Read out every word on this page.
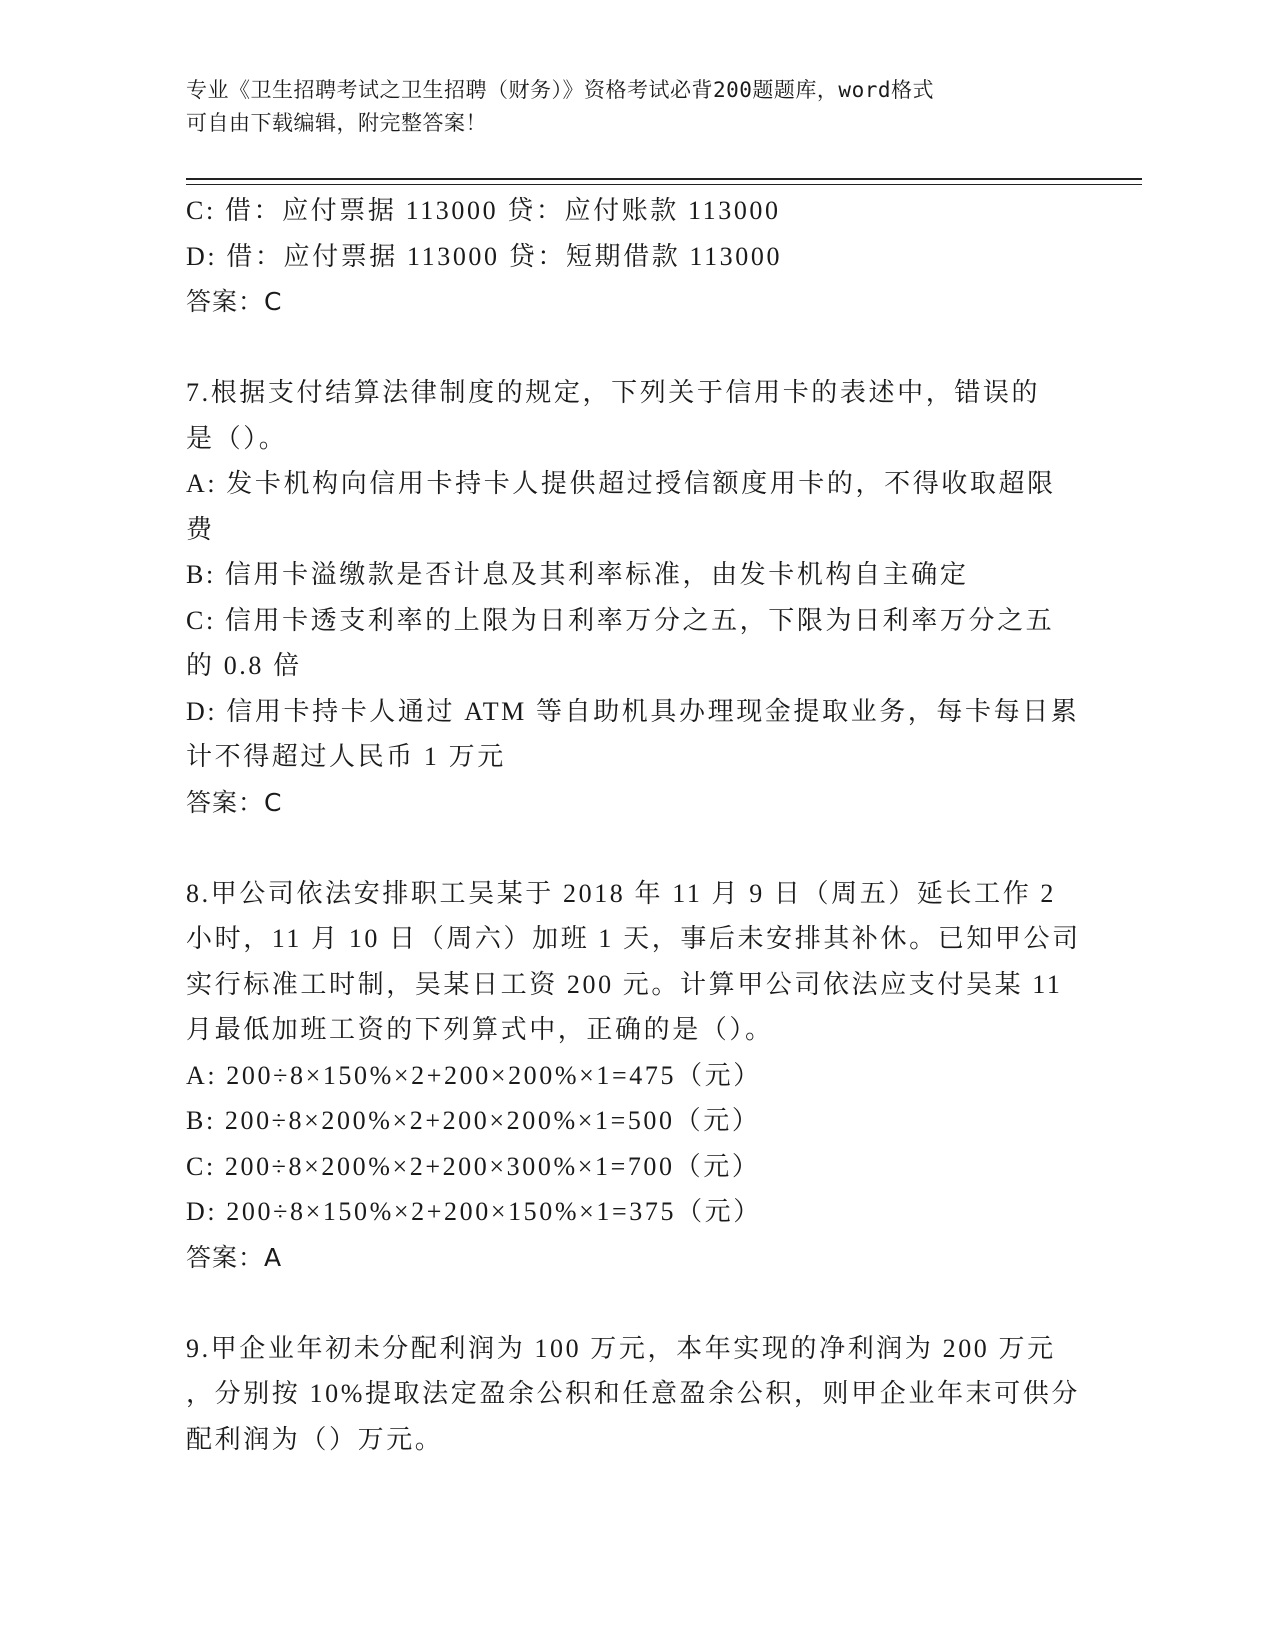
专业《卫生招聘考试之卫生招聘（财务）》资格考试必背200题题库，word格式
可自由下载编辑，附完整答案！
C: 借：应付票据 113000 贷：应付账款 113000
D: 借：应付票据 113000 贷：短期借款 113000
答案：C
7.根据支付结算法律制度的规定，下列关于信用卡的表述中，错误的
是（）。
A: 发卡机构向信用卡持卡人提供超过授信额度用卡的，不得收取超限
费
B: 信用卡溢缴款是否计息及其利率标准，由发卡机构自主确定
C: 信用卡透支利率的上限为日利率万分之五，下限为日利率万分之五
的 0.8 倍
D: 信用卡持卡人通过 ATM 等自助机具办理现金提取业务，每卡每日累
计不得超过人民币 1 万元
答案：C
8.甲公司依法安排职工吴某于 2018 年 11 月 9 日（周五）延长工作 2
小时，11 月 10 日（周六）加班 1 天，事后未安排其补休。已知甲公司
实行标准工时制，吴某日工资 200 元。计算甲公司依法应支付吴某 11
月最低加班工资的下列算式中，正确的是（）。
A: 200÷8×150%×2+200×200%×1=475（元）
B: 200÷8×200%×2+200×200%×1=500（元）
C: 200÷8×200%×2+200×300%×1=700（元）
D: 200÷8×150%×2+200×150%×1=375（元）
答案：A
9.甲企业年初未分配利润为 100 万元，本年实现的净利润为 200 万元
，分别按 10%提取法定盈余公积和任意盈余公积，则甲企业年末可供分
配利润为（）万元。
